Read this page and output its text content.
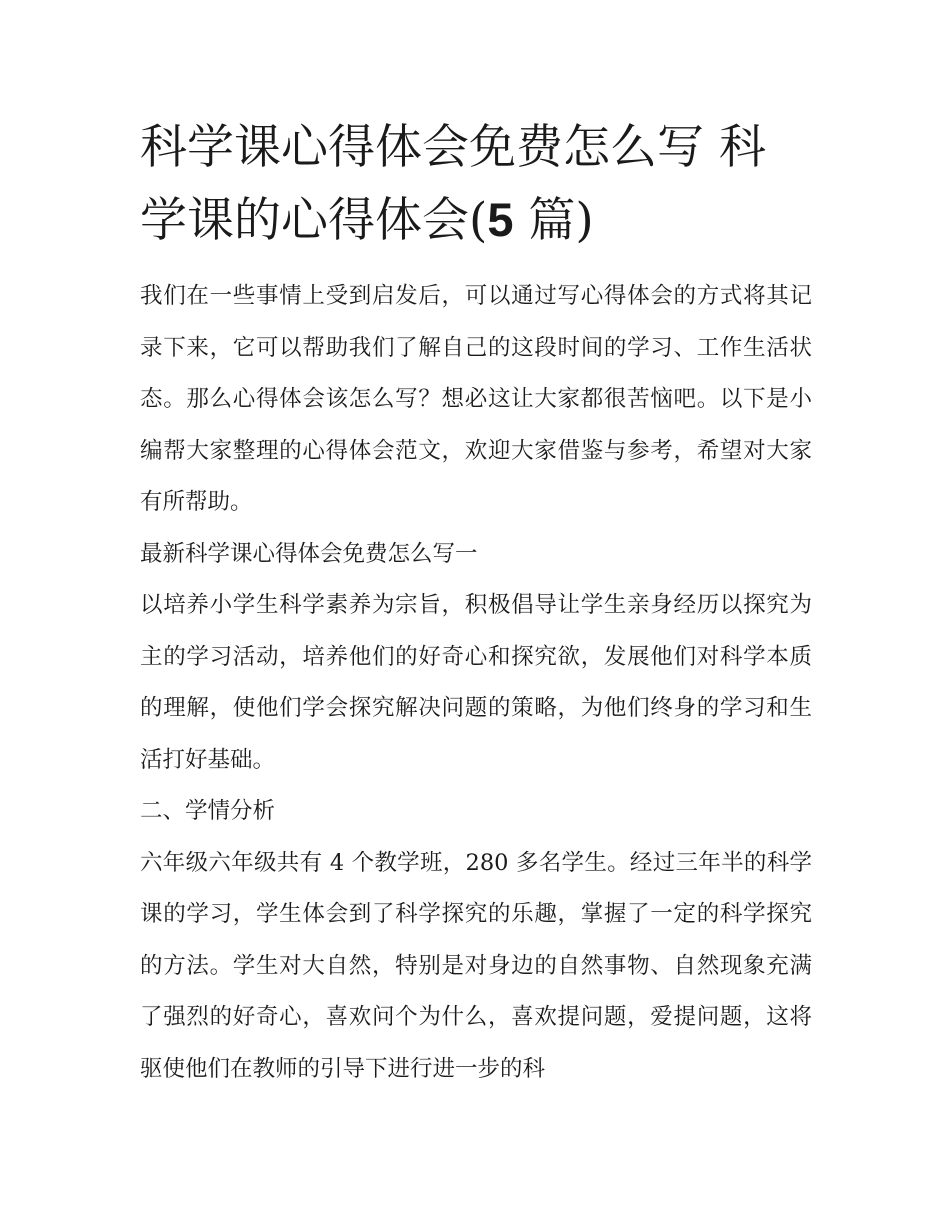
科学课心得体会免费怎么写 科学课的心得体会(5 篇)

我们在一些事情上受到启发后，可以通过写心得体会的方式将其记录下来，它可以帮助我们了解自己的这段时间的学习、工作生活状态。那么心得体会该怎么写？想必这让大家都很苦恼吧。以下是小编帮大家整理的心得体会范文，欢迎大家借鉴与参考，希望对大家有所帮助。

最新科学课心得体会免费怎么写一

以培养小学生科学素养为宗旨，积极倡导让学生亲身经历以探究为主的学习活动，培养他们的好奇心和探究欲，发展他们对科学本质的理解，使他们学会探究解决问题的策略，为他们终身的学习和生活打好基础。

二、学情分析

六年级六年级共有 4 个教学班，280 多名学生。经过三年半的科学课的学习，学生体会到了科学探究的乐趣，掌握了一定的科学探究的方法。学生对大自然，特别是对身边的自然事物、自然现象充满了强烈的好奇心，喜欢问个为什么，喜欢提问题，爱提问题，这将驱使他们在教师的引导下进行进一步的科
